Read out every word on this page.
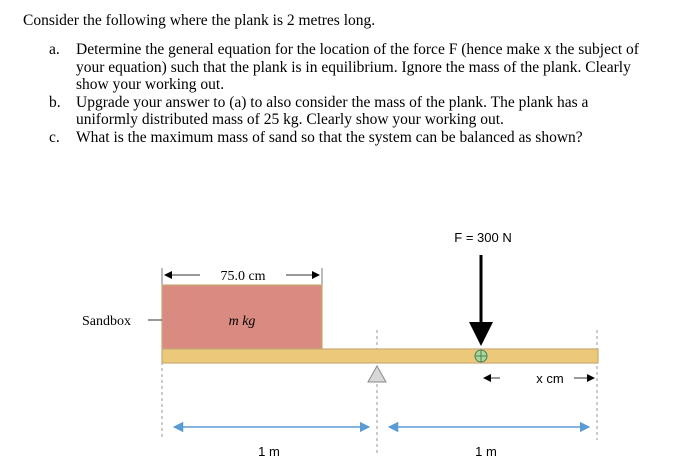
Consider the following where the plank is 2 metres long.
a. Determine the general equation for the location of the force F (hence make x the subject of your equation) such that the plank is in equilibrium. Ignore the mass of the plank. Clearly show your working out.
b. Upgrade your answer to (a) to also consider the mass of the plank. The plank has a uniformly distributed mass of 25 kg. Clearly show your working out.
c. What is the maximum mass of sand so that the system can be balanced as shown?
m kg
F = 300 N
75.0 cm
Sandbox
x cm
1 m	1 m
